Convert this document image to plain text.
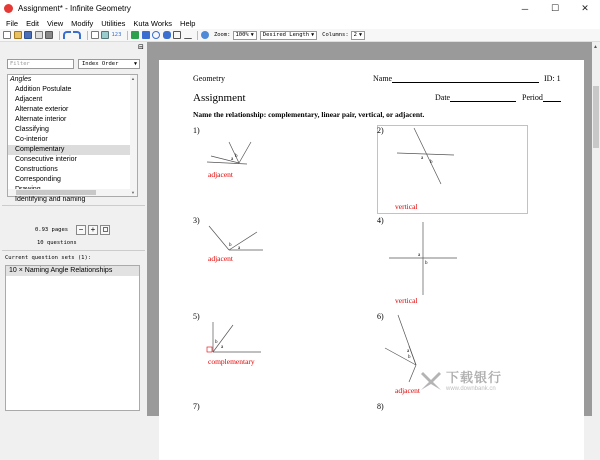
Assignment* - Infinite Geometry	─	☐	✕
File	Edit	View	Modify	Utilities	Kuta Works	Help
123	Zoom: 100% ▼ Desired Length ▼ Columns: 2 ▼
⊟
Filter	Index Order	▼
Angles
Addition Postulate
Adjacent
Alternate exterior
Alternate interior
Classifying
Co-interior
Complementary
Consecutive interior
Constructions
Corresponding
Identifying and naming
▲
▼
0.93 pages	− +
10 questions
Current question sets (1):
10 × Naming Angle Relationships
Geometry	Name	ID: 1
Assignment	Date	Period
Name the relationship: complementary, linear pair, vertical, or adjacent.
1)
a
b	a
b
b
a
a
b
b
a
a
b
adjacent
2)
vertical
3)
adjacent
4)
vertical
5)
complementary
6)
adjacent
7)	8)
▲
下载银行
www.downbank.cn
